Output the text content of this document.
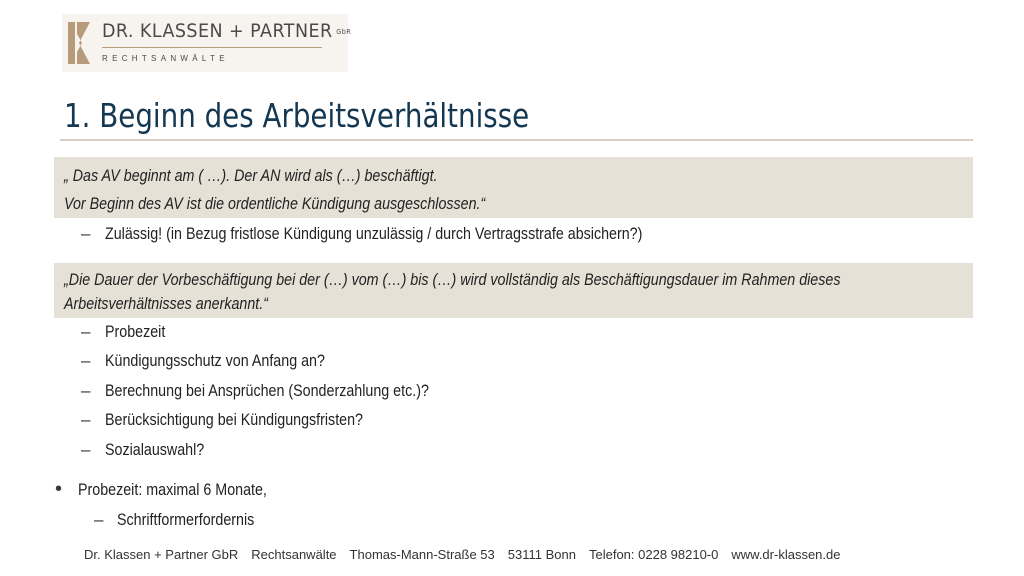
DR. KLASSEN + PARTNER GbR
RECHTSANWÄLTE
1. Beginn des Arbeitsverhältnisse
„ Das AV beginnt am ( …). Der AN wird als (…) beschäftigt.
Vor Beginn des AV ist die ordentliche Kündigung ausgeschlossen.“
– Zulässig! (in Bezug fristlose Kündigung unzulässig / durch Vertragsstrafe absichern?)
„Die Dauer der Vorbeschäftigung bei der (…) vom (…) bis (…) wird vollständig als Beschäftigungsdauer im Rahmen dieses
Arbeitsverhältnisses anerkannt.“
– Probezeit
– Kündigungsschutz von Anfang an?
– Berechnung bei Ansprüchen (Sonderzahlung etc.)?
– Berücksichtigung bei Kündigungsfristen?
– Sozialauswahl?
• Probezeit: maximal 6 Monate,
– Schriftformerfordernis
Dr. Klassen + Partner GbR Rechtsanwälte Thomas-Mann-Straße 53 53111 Bonn Telefon: 0228 98210-0 www.dr-klassen.de
